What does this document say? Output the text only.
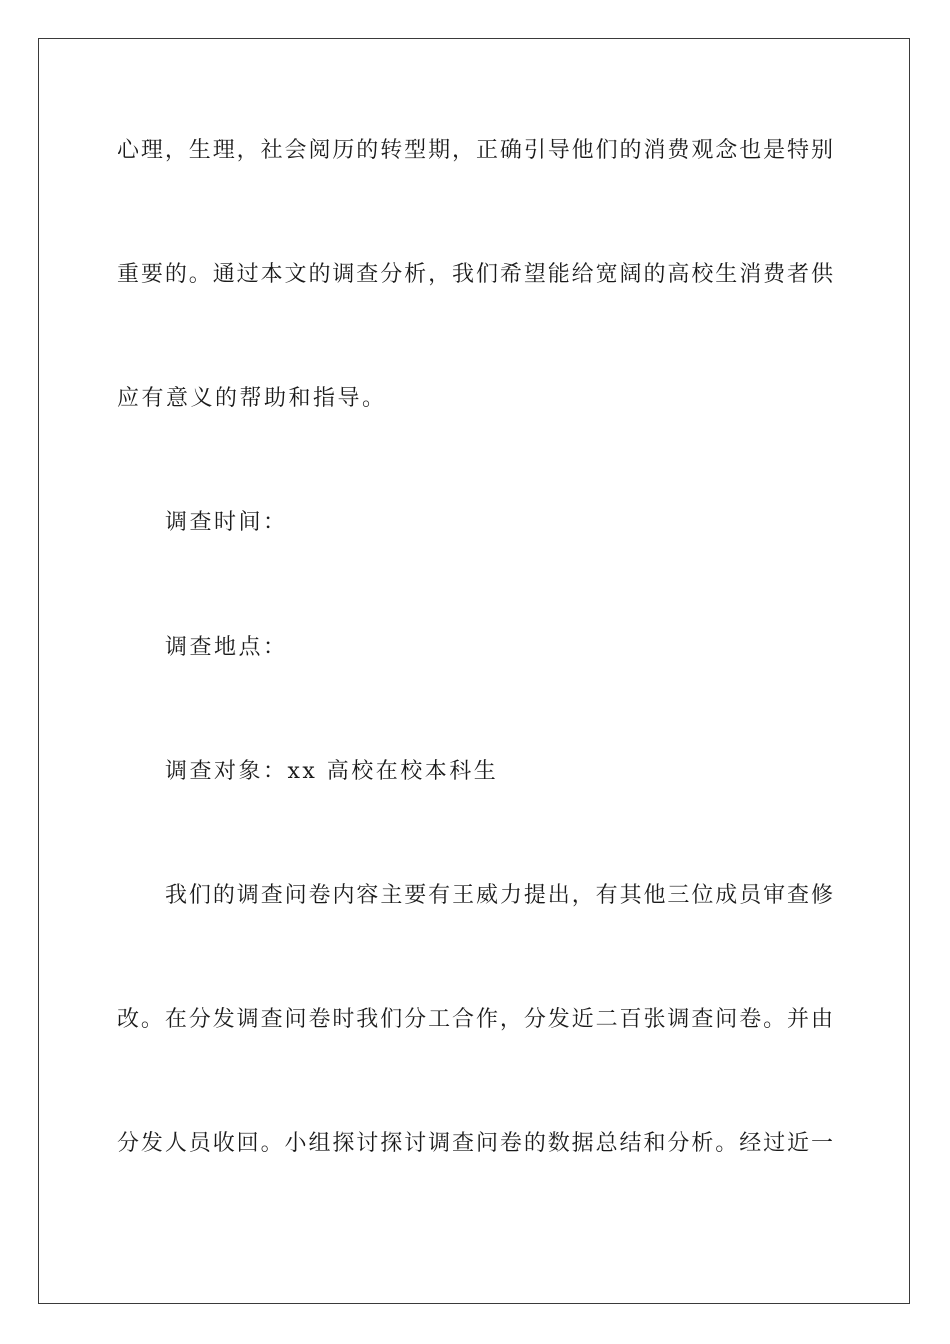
心理，生理，社会阅历的转型期，正确引导他们的消费观念也是特别
重要的。通过本文的调查分析，我们希望能给宽阔的高校生消费者供
应有意义的帮助和指导。
调查时间：
调查地点：
调查对象：xx 高校在校本科生
我们的调查问卷内容主要有王威力提出，有其他三位成员审查修
改。在分发调查问卷时我们分工合作，分发近二百张调查问卷。并由
分发人员收回。小组探讨探讨调查问卷的数据总结和分析。经过近一
